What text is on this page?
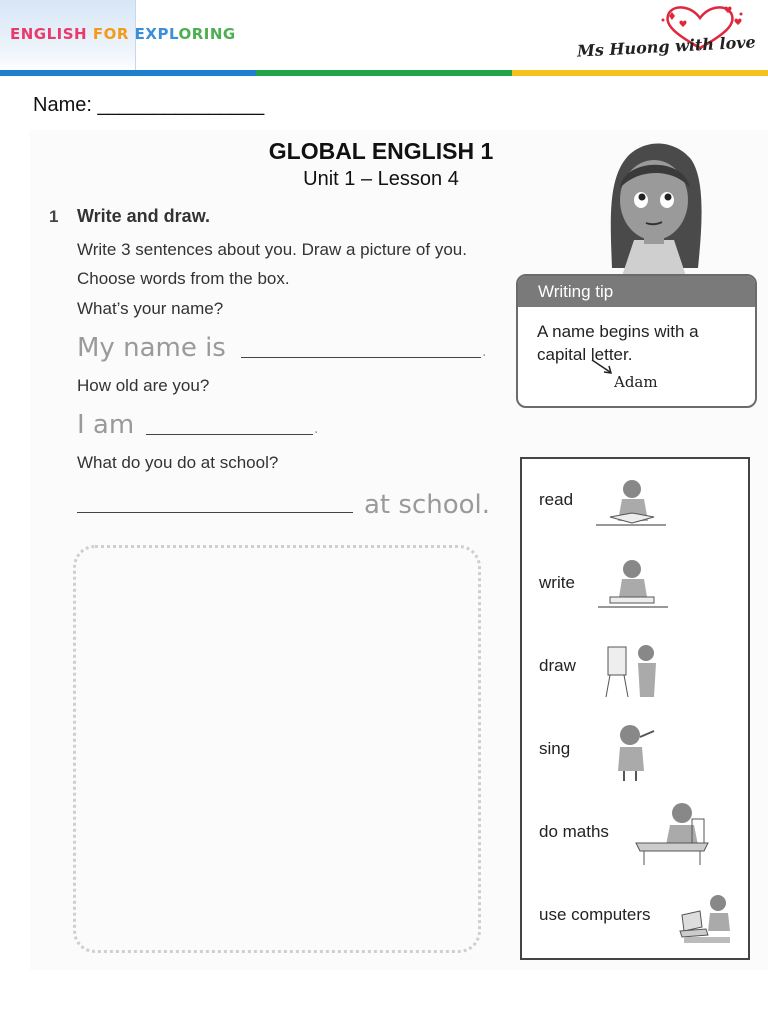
ENGLISH FOR EXPLORING	Ms Huong with love
Name: _______________
GLOBAL ENGLISH 1
Unit 1 – Lesson 4
1 Write and draw.
Write 3 sentences about you. Draw a picture of you.
Choose words from the box.
What’s your name?
My name is	.
How old are you?
I am	.
What do you do at school?
at school.
Writing tip
A name begins with a capital letter.
Adam
read
write
draw
sing
do maths
use computers
